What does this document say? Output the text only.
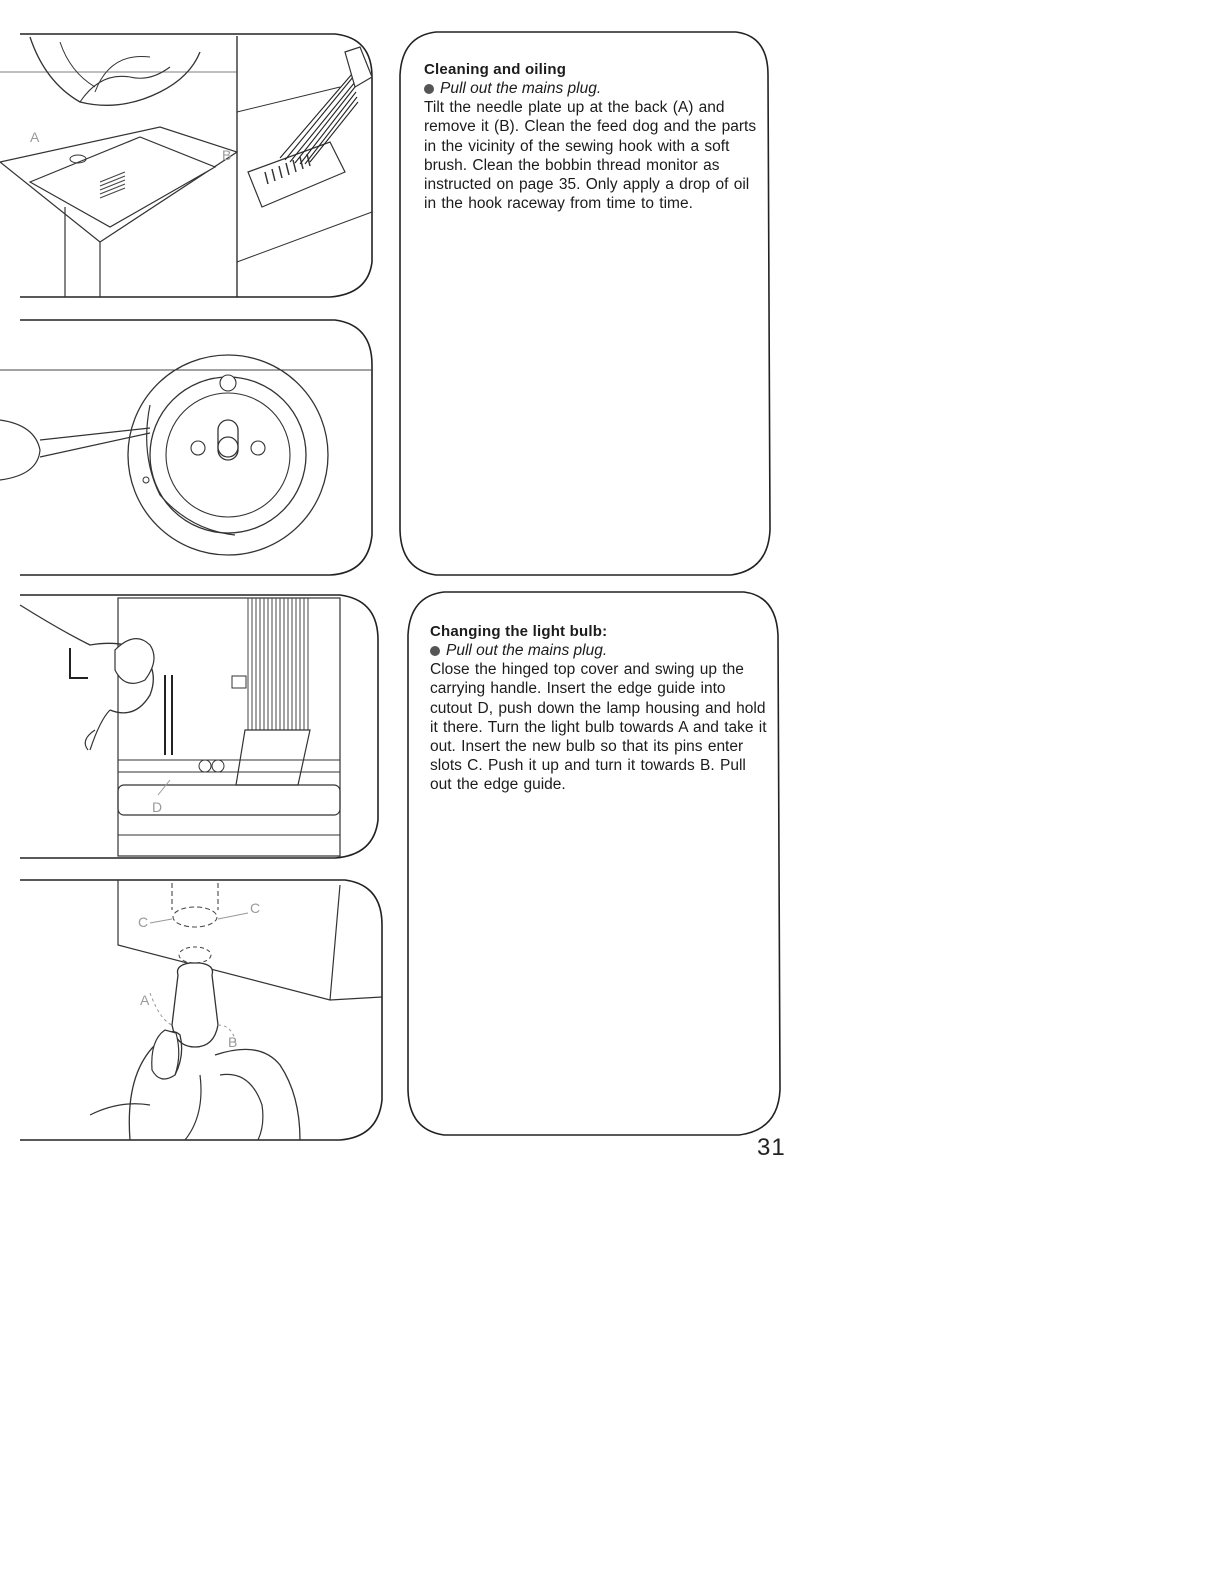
A
B
D
C
C
A
B
Cleaning and oiling

Pull out the mains plug.

Tilt the needle plate up at the back (A) and remove it (B). Clean the feed dog and the parts in the vicinity of the sewing hook with a soft brush. Clean the bobbin thread monitor as instructed on page 35. Only apply a drop of oil in the hook raceway from time to time.

Changing the light bulb:

Pull out the mains plug.

Close the hinged top cover and swing up the carrying handle. Insert the edge guide into cutout D, push down the lamp housing and hold it there. Turn the light bulb towards A and take it out. Insert the new bulb so that its pins enter slots C. Push it up and turn it towards B. Pull out the edge guide.

31
